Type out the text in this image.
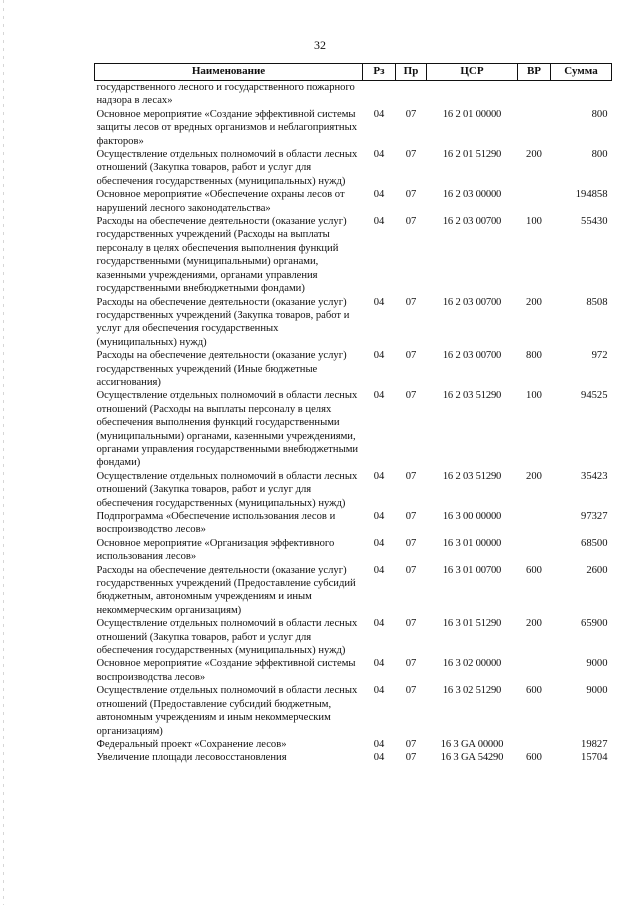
32
Наименование	Рз	Пр	ЦСР	ВР	Сумма
государственного лесного и государственного пожарного надзора в лесах»					
Основное мероприятие «Создание эффективной системы защиты лесов от вредных организмов и неблагоприятных факторов»	04	07	16 2 01 00000		800
Осуществление отдельных полномочий в области лесных отношений (Закупка товаров, работ и услуг для обеспечения государственных (муниципальных) нужд)	04	07	16 2 01 51290	200	800
Основное мероприятие «Обеспечение охраны лесов от нарушений лесного законодательства»	04	07	16 2 03 00000		194858
Расходы на обеспечение деятельности (оказание услуг) государственных учреждений (Расходы на выплаты персоналу в целях обеспечения выполнения функций государственными (муниципальными) органами, казенными учреждениями, органами управления государственными внебюджетными фондами)	04	07	16 2 03 00700	100	55430
Расходы на обеспечение деятельности (оказание услуг) государственных учреждений (Закупка товаров, работ и услуг для обеспечения государственных (муниципальных) нужд)	04	07	16 2 03 00700	200	8508
Расходы на обеспечение деятельности (оказание услуг) государственных учреждений (Иные бюджетные ассигнования)	04	07	16 2 03 00700	800	972
Осуществление отдельных полномочий в области лесных отношений (Расходы на выплаты персоналу в целях обеспечения выполнения функций государственными (муниципальными) органами, казенными учреждениями, органами управления государственными внебюджетными фондами)	04	07	16 2 03 51290	100	94525
Осуществление отдельных полномочий в области лесных отношений (Закупка товаров, работ и услуг для обеспечения государственных (муниципальных) нужд)	04	07	16 2 03 51290	200	35423
Подпрограмма «Обеспечение использования лесов и воспроизводство лесов»	04	07	16 3 00 00000		97327
Основное мероприятие «Организация эффективного использования лесов»	04	07	16 3 01 00000		68500
Расходы на обеспечение деятельности (оказание услуг) государственных учреждений (Предоставление субсидий бюджетным, автономным учреждениям и иным некоммерческим организациям)	04	07	16 3 01 00700	600	2600
Осуществление отдельных полномочий в области лесных отношений (Закупка товаров, работ и услуг для обеспечения государственных (муниципальных) нужд)	04	07	16 3 01 51290	200	65900
Основное мероприятие «Создание эффективной системы воспроизводства лесов»	04	07	16 3 02 00000		9000
Осуществление отдельных полномочий в области лесных отношений (Предоставление субсидий бюджетным, автономным учреждениям и иным некоммерческим организациям)	04	07	16 3 02 51290	600	9000
Федеральный проект «Сохранение лесов»	04	07	16 3 GA 00000		19827
Увеличение площади лесовосстановления	04	07	16 3 GA 54290	600	15704
